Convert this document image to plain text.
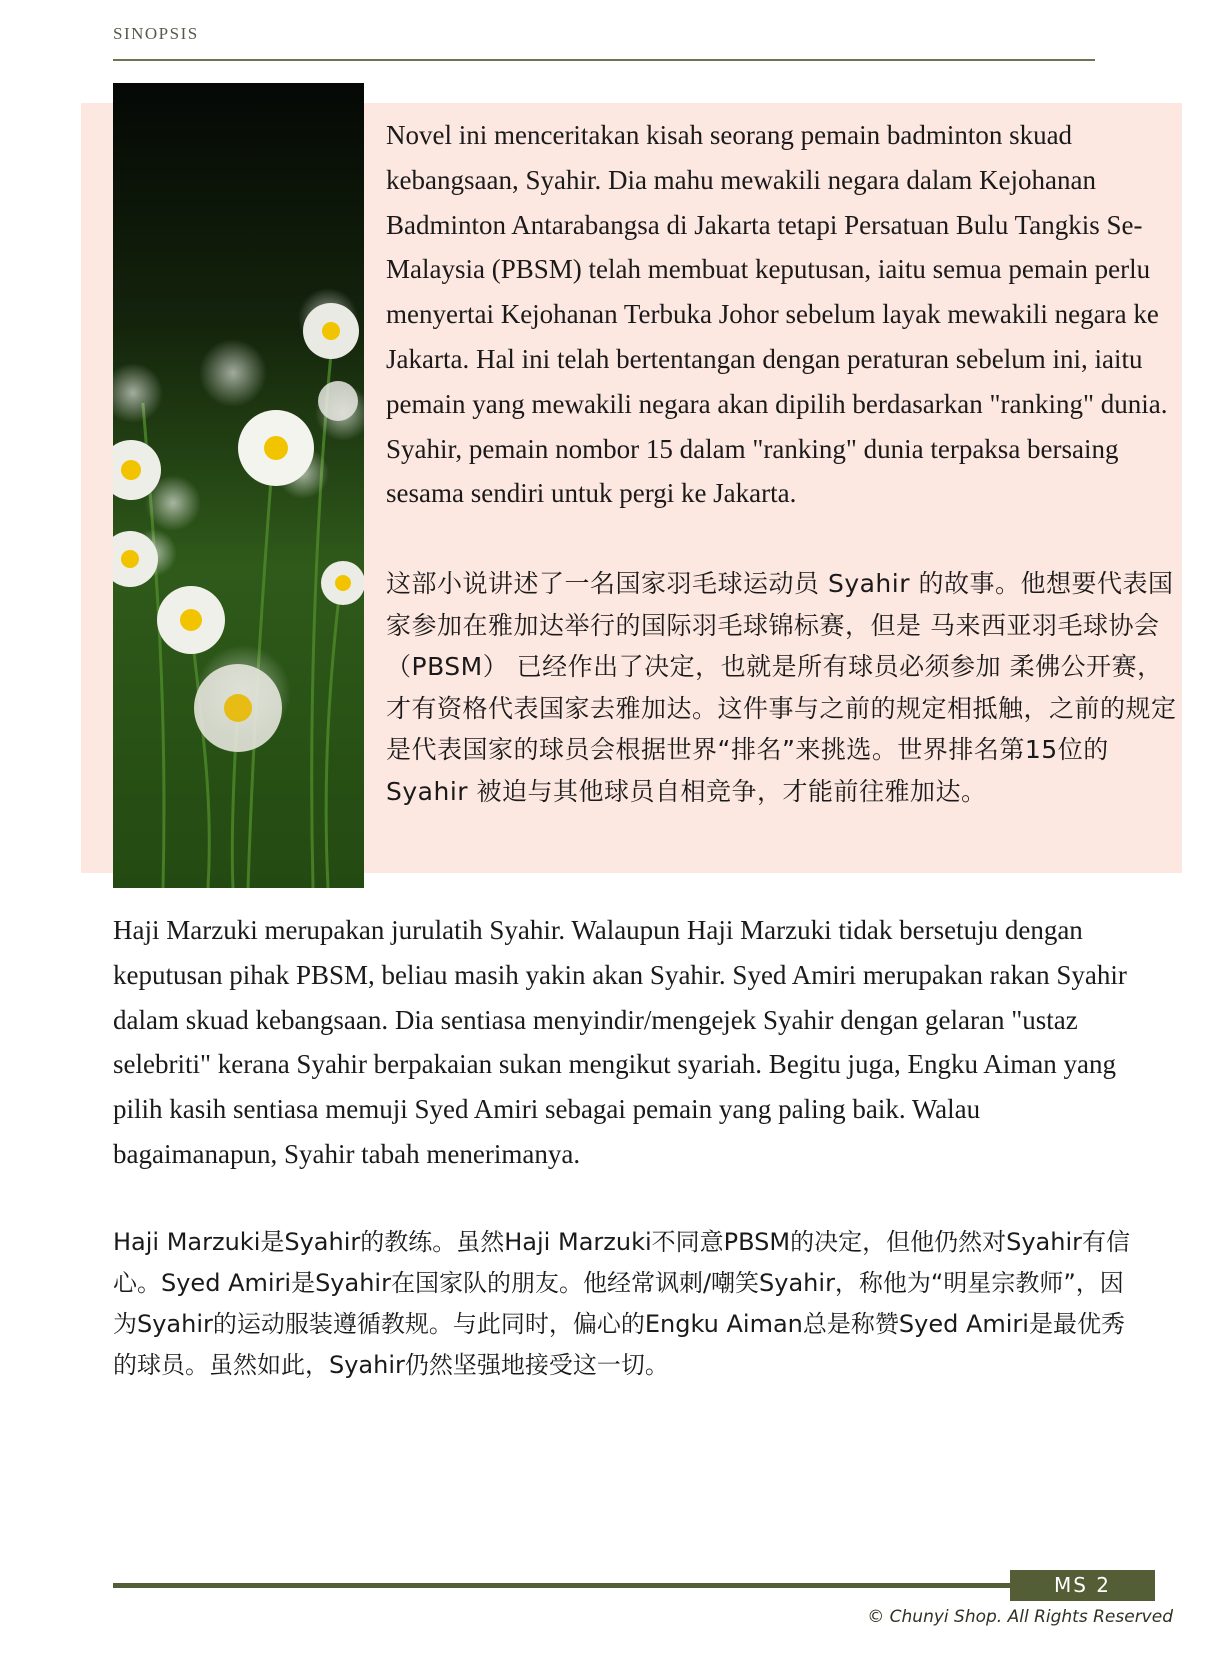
SINOPSIS

Novel ini menceritakan kisah seorang pemain badminton skuad kebangsaan, Syahir. Dia mahu mewakili negara dalam Kejohanan Badminton Antarabangsa di Jakarta tetapi Persatuan Bulu Tangkis Se-Malaysia (PBSM) telah membuat keputusan, iaitu semua pemain perlu menyertai Kejohanan Terbuka Johor sebelum layak mewakili negara ke Jakarta. Hal ini telah bertentangan dengan peraturan sebelum ini, iaitu pemain yang mewakili negara akan dipilih berdasarkan "ranking" dunia. Syahir, pemain nombor 15 dalam "ranking" dunia terpaksa bersaing sesama sendiri untuk pergi ke Jakarta.

这部小说讲述了一名国家羽毛球运动员 Syahir 的故事。他想要代表国家参加在雅加达举行的国际羽毛球锦标赛，但是 马来西亚羽毛球协会（PBSM） 已经作出了决定，也就是所有球员必须参加 柔佛公开赛，才有资格代表国家去雅加达。这件事与之前的规定相抵触，之前的规定是代表国家的球员会根据世界“排名”来挑选。世界排名第15位的 Syahir 被迫与其他球员自相竞争，才能前往雅加达。

Haji Marzuki merupakan jurulatih Syahir. Walaupun Haji Marzuki tidak bersetuju dengan keputusan pihak PBSM, beliau masih yakin akan Syahir. Syed Amiri merupakan rakan Syahir dalam skuad kebangsaan. Dia sentiasa menyindir/mengejek Syahir dengan gelaran "ustaz selebriti" kerana Syahir berpakaian sukan mengikut syariah. Begitu juga, Engku Aiman yang pilih kasih sentiasa memuji Syed Amiri sebagai pemain yang paling baik. Walau bagaimanapun, Syahir tabah menerimanya.

Haji Marzuki是Syahir的教练。虽然Haji Marzuki不同意PBSM的决定，但他仍然对Syahir有信心。Syed Amiri是Syahir在国家队的朋友。他经常讽刺/嘲笑Syahir，称他为“明星宗教师”，因为Syahir的运动服装遵循教规。与此同时，偏心的Engku Aiman总是称赞Syed Amiri是最优秀的球员。虽然如此，Syahir仍然坚强地接受这一切。

MS 2
© Chunyi Shop. All Rights Reserved
